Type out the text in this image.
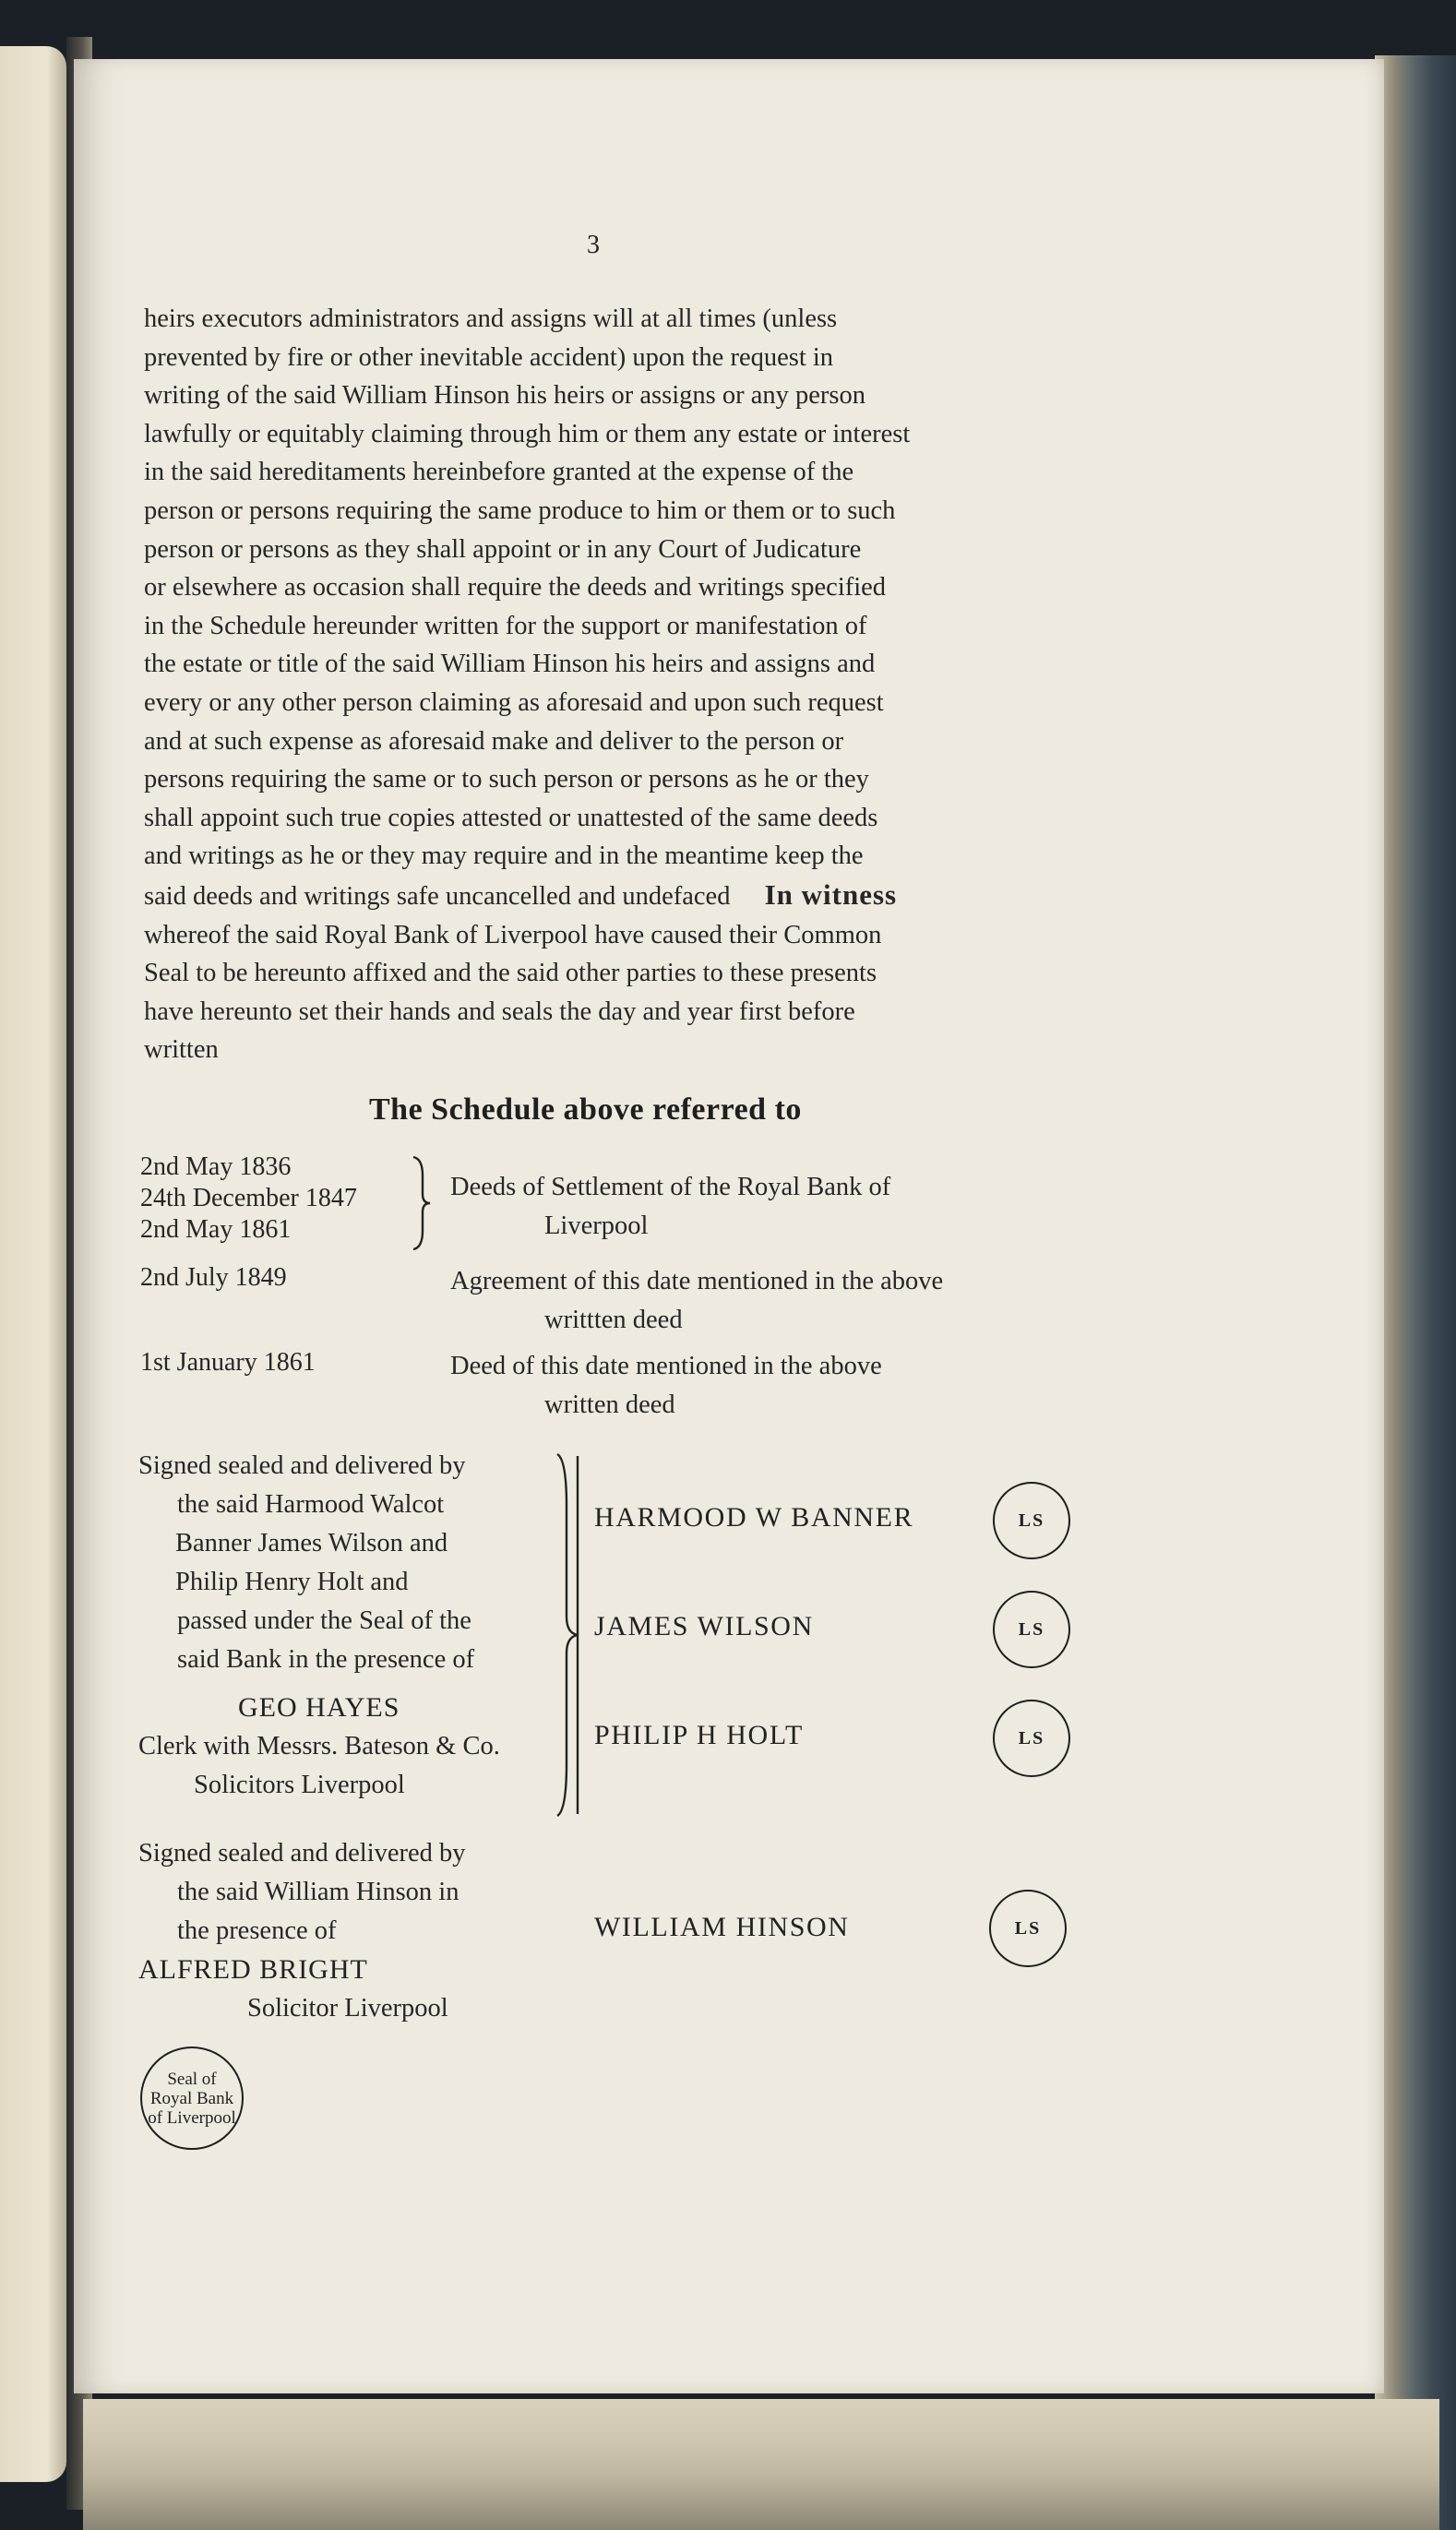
3
heirs executors administrators and assigns will at all times (unless
prevented by fire or other inevitable accident) upon the request in
writing of the said William Hinson his heirs or assigns or any person
lawfully or equitably claiming through him or them any estate or interest
in the said hereditaments hereinbefore granted at the expense of the
person or persons requiring the same produce to him or them or to such
person or persons as they shall appoint or in any Court of Judicature
or elsewhere as occasion shall require the deeds and writings specified
in the Schedule hereunder written for the support or manifestation of
the estate or title of the said William Hinson his heirs and assigns and
every or any other person claiming as aforesaid and upon such request
and at such expense as aforesaid make and deliver to the person or
persons requiring the same or to such person or persons as he or they
shall appoint such true copies attested or unattested of the same deeds
and writings as he or they may require and in the meantime keep the
said deeds and writings safe uncancelled and undefaced In witness
whereof the said Royal Bank of Liverpool have caused their Common
Seal to be hereunto affixed and the said other parties to these presents
have hereunto set their hands and seals the day and year first before
written
The Schedule above referred to
2nd May 1836
24th December 1847
2nd May 1861
Deeds of Settlement of the Royal Bank of
Liverpool
2nd July 1849	Agreement of this date mentioned in the above
writtten deed
1st January 1861	Deed of this date mentioned in the above
written deed
Signed sealed and delivered by
the said Harmood Walcot
Banner James Wilson and
Philip Henry Holt and
passed under the Seal of the
said Bank in the presence of
GEO HAYES
Clerk with Messrs. Bateson & Co.
Solicitors Liverpool
HARMOOD W BANNER	LS
JAMES WILSON	LS
PHILIP H HOLT	LS
Signed sealed and delivered by
the said William Hinson in
the presence of
ALFRED BRIGHT
Solicitor Liverpool
WILLIAM HINSON	LS
Seal of
Royal Bank
of Liverpool
